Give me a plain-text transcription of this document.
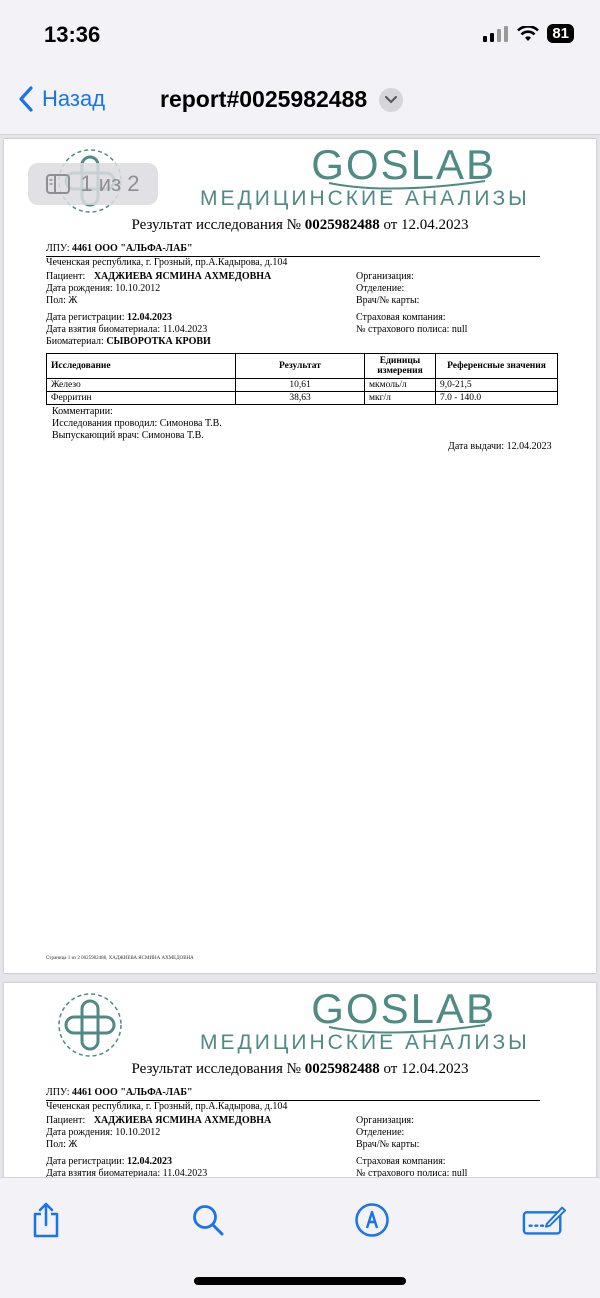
13:36	81
Назад report#0025982488
1 из 2	GOSLAB
МЕДИЦИНСКИЕ АНАЛИЗЫ
Результат исследования № 0025982488 от 12.04.2023
ЛПУ: 4461 ООО "АЛЬФА-ЛАБ"
Чеченская республика, г. Грозный, пр.А.Кадырова, д.104
Пациент: ХАДЖИЕВА ЯСМИНА АХМЕДОВНА
Дата рождения: 10.10.2012
Пол: Ж
Организация:
Отделение:
Врач/№ карты:
Дата регистрации: 12.04.2023
Дата взятия биоматериала: 11.04.2023
Страховая компания:
№ страхового полиса: null
Биоматериал: СЫВОРОТКА КРОВИ
Исследование	Результат	Единицы измерения	Референсные значения
Железо	10,61	мкмоль/л	9,0-21,5
Ферритин	38,63	мкг/л	7.0 - 140.0
Комментарии:
Исследования проводил: Симонова Т.В.
Выпускающий врач: Симонова Т.В.
Дата выдачи: 12.04.2023
Страница 1 из 2 0025982488, ХАДЖИЕВА ЯСМИНА АХМЕДОВНА
GOSLAB
МЕДИЦИНСКИЕ АНАЛИЗЫ
Результат исследования № 0025982488 от 12.04.2023
ЛПУ: 4461 ООО "АЛЬФА-ЛАБ"
Чеченская республика, г. Грозный, пр.А.Кадырова, д.104
Пациент: ХАДЖИЕВА ЯСМИНА АХМЕДОВНА
Дата рождения: 10.10.2012
Пол: Ж
Организация:
Отделение:
Врач/№ карты:
Дата регистрации: 12.04.2023
Дата взятия биоматериала: 11.04.2023
Страховая компания:
№ страхового полиса: null
